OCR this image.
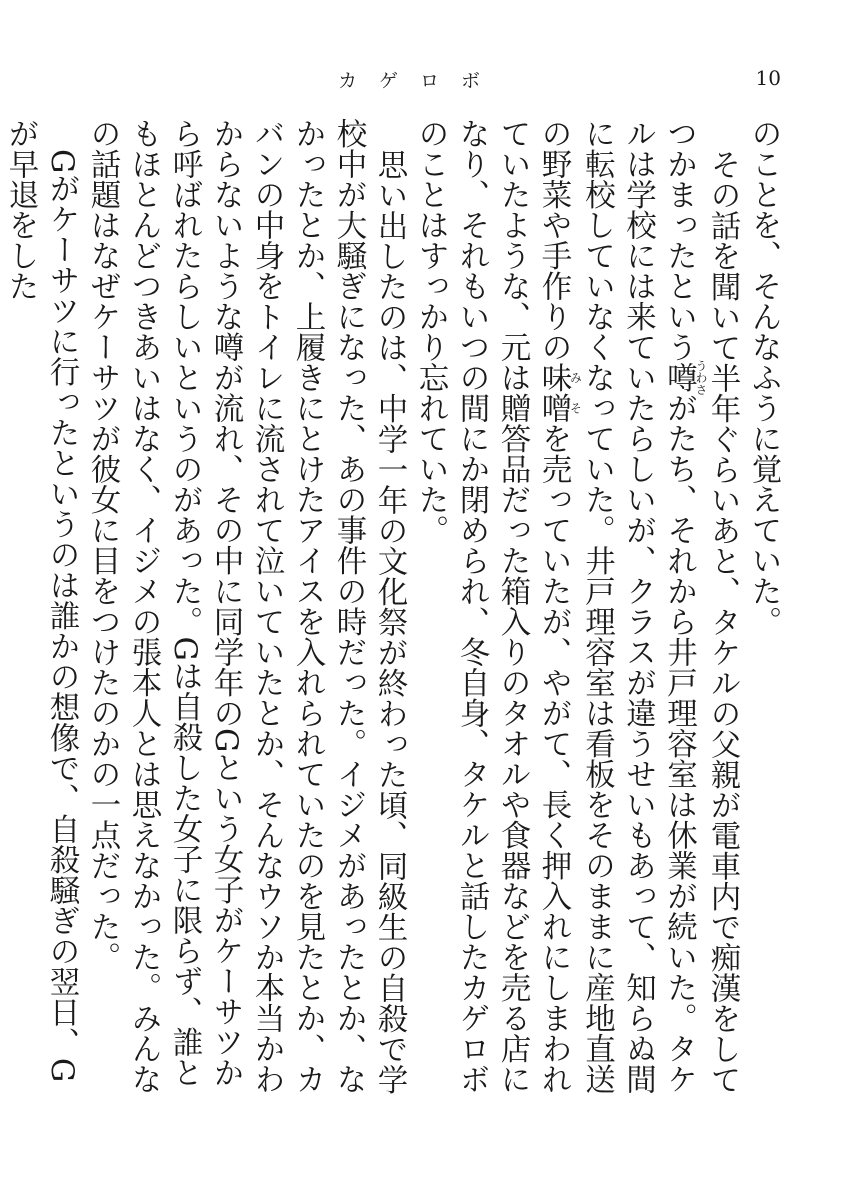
カゲロボ	10

のことを、そんなふうに覚えていた。

その話を聞いて半年ぐらいあと、タケルの父親が電車内で痴漢をしてつかまったという噂うわさがたち、それから井戸理容室は休業が続いた。タケルは学校には来ていたらしいが、クラスが違うせいもあって、知らぬ間に転校していなくなっていた。井戸理容室は看板をそのままに産地直送の野菜や手作りの味噌みそを売っていたが、やがて、長く押入れにしまわれていたような、元は贈答品だった箱入りのタオルや食器などを売る店になり、それもいつの間にか閉められ、冬自身、タケルと話したカゲロボのことはすっかり忘れていた。

思い出したのは、中学一年の文化祭が終わった頃、同級生の自殺で学校中が大騒ぎになった、あの事件の時だった。イジメがあったとか、なかったとか、上履きにとけたアイスを入れられていたのを見たとか、カバンの中身をトイレに流されて泣いていたとか、そんなウソか本当かわからないような噂が流れ、その中に同学年のGという女子がケーサツから呼ばれたらしいというのがあった。Gは自殺した女子に限らず、誰ともほとんどつきあいはなく、イジメの張本人とは思えなかった。みんなの話題はなぜケーサツが彼女に目をつけたのかの一点だった。

Gがケーサツに行ったというのは誰かの想像で、自殺騒ぎの翌日、Gが早退をした
